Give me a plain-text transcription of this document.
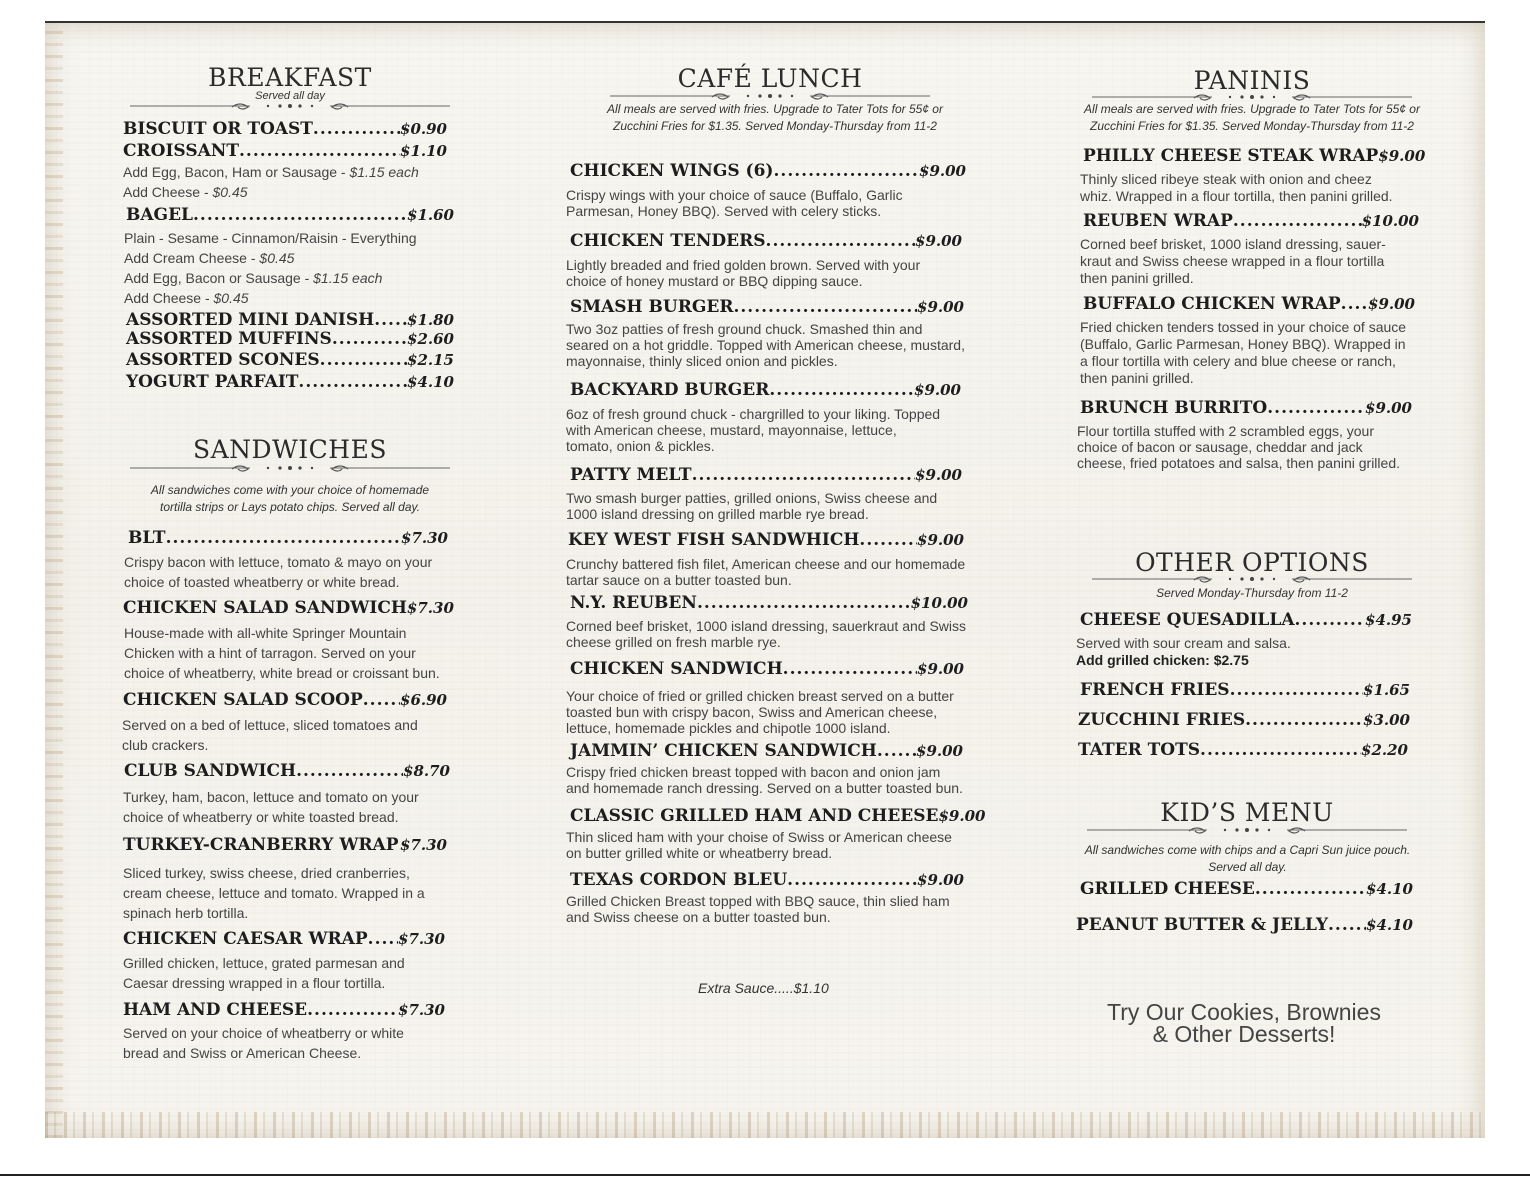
BREAKFAST
Served all day
BISCUIT OR TOAST .....	$0.90
CROISSANT .....	$1.10
Add Egg, Bacon, Ham or Sausage - $1.15 each
Add Cheese - $0.45
BAGEL .....	$1.60
Plain - Sesame - Cinnamon/Raisin - Everything
Add Cream Cheese - $0.45
Add Egg, Bacon or Sausage - $1.15 each
Add Cheese - $0.45
ASSORTED MINI DANISH ..... $1.80
ASSORTED MUFFINS .....	$2.60
ASSORTED SCONES .....	$2.15
YOGURT PARFAIT .....	$4.10
SANDWICHES
All sandwiches come with your choice of homemade
tortilla strips or Lays potato chips. Served all day.
BLT .....	$7.30
Crispy bacon with lettuce, tomato & mayo on your
choice of toasted wheatberry or white bread.
CHICKEN SALAD SANDWICH $7.30
House-made with all-white Springer Mountain
Chicken with a hint of tarragon. Served on your
choice of wheatberry, white bread or croissant bun.
CHICKEN SALAD SCOOP ..... $6.90
Served on a bed of lettuce, sliced tomatoes and
club crackers.
CLUB SANDWICH .....	$8.70
Turkey, ham, bacon, lettuce and tomato on your
choice of wheatberry or white toasted bread.
TURKEY-CRANBERRY WRAP ..... $7.30
Sliced turkey, swiss cheese, dried cranberries,
cream cheese, lettuce and tomato. Wrapped in a
spinach herb tortilla.
CHICKEN CAESAR WRAP ..... $7.30
Grilled chicken, lettuce, grated parmesan and
Caesar dressing wrapped in a flour tortilla.
HAM AND CHEESE .....	$7.30
Served on your choice of wheatberry or white
bread and Swiss or American Cheese.
CAFÉ LUNCH
All meals are served with fries. Upgrade to Tater Tots for 55¢ or
Zucchini Fries for $1.35. Served Monday-Thursday from 11-2
CHICKEN WINGS (6) .....	$9.00
Crispy wings with your choice of sauce (Buffalo, Garlic
Parmesan, Honey BBQ). Served with celery sticks.
CHICKEN TENDERS .....	$9.00
Lightly breaded and fried golden brown. Served with your
choice of honey mustard or BBQ dipping sauce.
SMASH BURGER .....	$9.00
Two 3oz patties of fresh ground chuck. Smashed thin and
seared on a hot griddle. Topped with American cheese, mustard,
mayonnaise, thinly sliced onion and pickles.
BACKYARD BURGER .....	$9.00
6oz of fresh ground chuck - chargrilled to your liking. Topped
with American cheese, mustard, mayonnaise, lettuce,
tomato, onion & pickles.
PATTY MELT .....	$9.00
Two smash burger patties, grilled onions, Swiss cheese and
1000 island dressing on grilled marble rye bread.
KEY WEST FISH SANDWHICH .....	$9.00
Crunchy battered fish filet, American cheese and our homemade
tartar sauce on a butter toasted bun.
N.Y. REUBEN .....	$10.00
Corned beef brisket, 1000 island dressing, sauerkraut and Swiss
cheese grilled on fresh marble rye.
CHICKEN SANDWICH .....	$9.00
Your choice of fried or grilled chicken breast served on a butter
toasted bun with crispy bacon, Swiss and American cheese,
lettuce, homemade pickles and chipotle 1000 island.
JAMMIN’ CHICKEN SANDWICH .....	$9.00
Crispy fried chicken breast topped with bacon and onion jam
and homemade ranch dressing. Served on a butter toasted bun.
CLASSIC GRILLED HAM AND CHEESE $9.00
Thin sliced ham with your choise of Swiss or American cheese
on butter grilled white or wheatberry bread.
TEXAS CORDON BLEU .....	$9.00
Grilled Chicken Breast topped with BBQ sauce, thin slied ham
and Swiss cheese on a butter toasted bun.
Extra Sauce.....$1.10
PANINIS
All meals are served with fries. Upgrade to Tater Tots for 55¢ or
Zucchini Fries for $1.35. Served Monday-Thursday from 11-2
PHILLY CHEESE STEAK WRAP $9.00
Thinly sliced ribeye steak with onion and cheez
whiz. Wrapped in a flour tortilla, then panini grilled.
REUBEN WRAP .....	$10.00
Corned beef brisket, 1000 island dressing, sauer-
kraut and Swiss cheese wrapped in a flour tortilla
then panini grilled.
BUFFALO CHICKEN WRAP ..... $9.00
Fried chicken tenders tossed in your choice of sauce
(Buffalo, Garlic Parmesan, Honey BBQ). Wrapped in
a flour tortilla with celery and blue cheese or ranch,
then panini grilled.
BRUNCH BURRITO .....	$9.00
Flour tortilla stuffed with 2 scrambled eggs, your
choice of bacon or sausage, cheddar and jack
cheese, fried potatoes and salsa, then panini grilled.
OTHER OPTIONS
Served Monday-Thursday from 11-2
CHEESE QUESADILLA .....	$4.95
Served with sour cream and salsa.
Add grilled chicken: $2.75
FRENCH FRIES .....	$1.65
ZUCCHINI FRIES .....	$3.00
TATER TOTS .....	$2.20
KID’S MENU
All sandwiches come with chips and a Capri Sun juice pouch.
Served all day.
GRILLED CHEESE .....	$4.10
PEANUT BUTTER & JELLY .....	$4.10
Try Our Cookies, Brownies
& Other Desserts!
